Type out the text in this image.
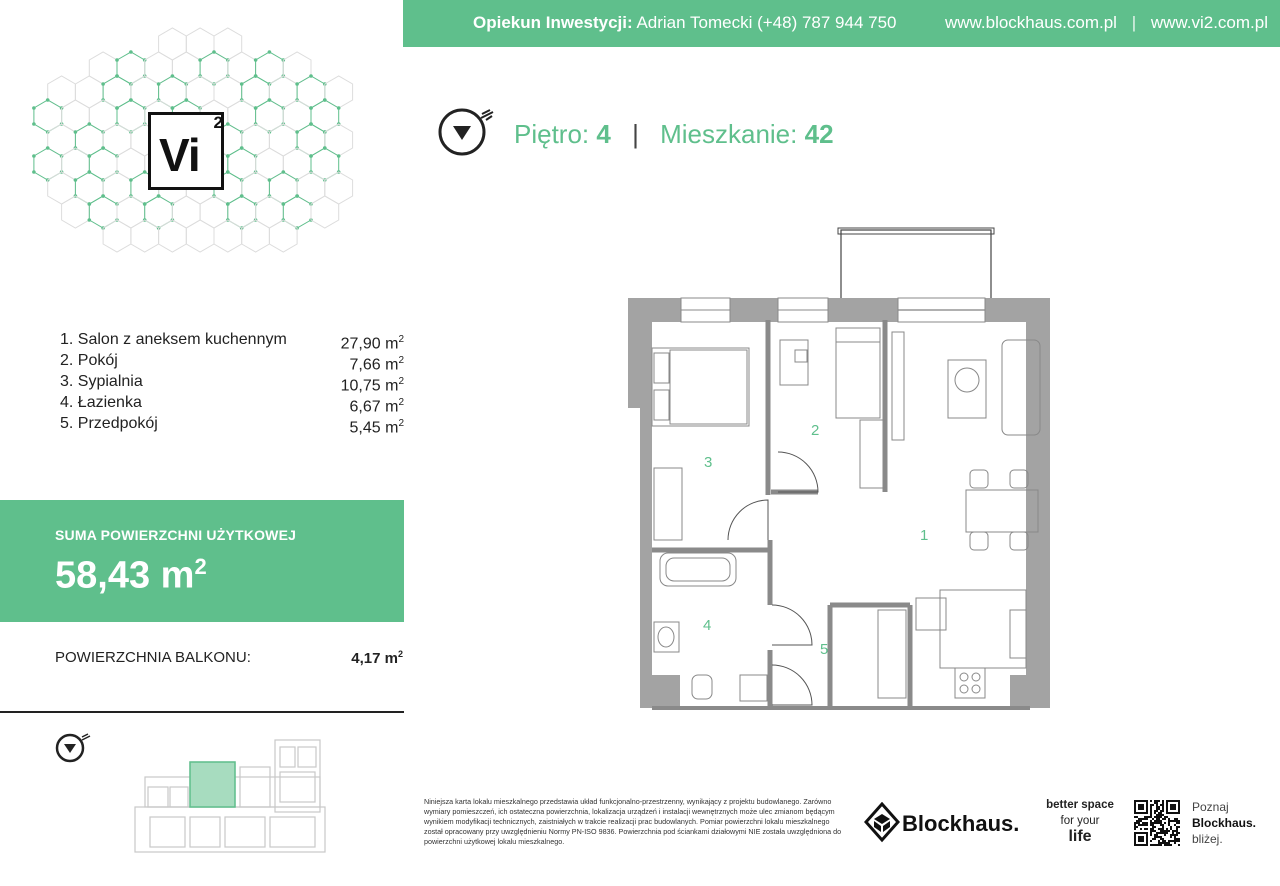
Opiekun Inwestycji: Adrian Tomecki (+48) 787 944 750	www.blockhaus.com.pl | www.vi2.com.pl
Vi
2	Piętro: 4 | Mieszkanie: 42
1. Salon z aneksem kuchennym	27,90 $m^2$
2. Pokój	7,66 $m^2$
3. Sypialnia	10,75 $m^2$
4. Łazienka	6,67 $m^2$
5. Przedpokój	5,45 $m^2$
SUMA POWIERZCHNI UŻYTKOWEJ
58,43 $m^2$
POWIERZCHNIA BALKONU:	4,17 $m^2$
1
2
3
4
5
Niniejsza karta lokalu mieszkalnego przedstawia układ funkcjonalno-przestrzenny, wynikający z projektu budowlanego. Zarówno wymiary pomieszczeń, ich ostateczna powierzchnia, lokalizacja urządzeń i instalacji wewnętrznych może ulec zmianom będącym wynikiem modyfikacji technicznych, zaistniałych w trakcie realizacji prac budowlanych. Pomiar powierzchni lokalu mieszkalnego został opracowany przy uwzględnieniu Normy PN-ISO 9836. Powierzchnia pod ściankami działowymi NIE została uwzględniona do powierzchni użytkowej lokalu mieszkalnego.
Blockhaus.
better space
for your
life
Poznaj
Blockhaus.
bliżej.
